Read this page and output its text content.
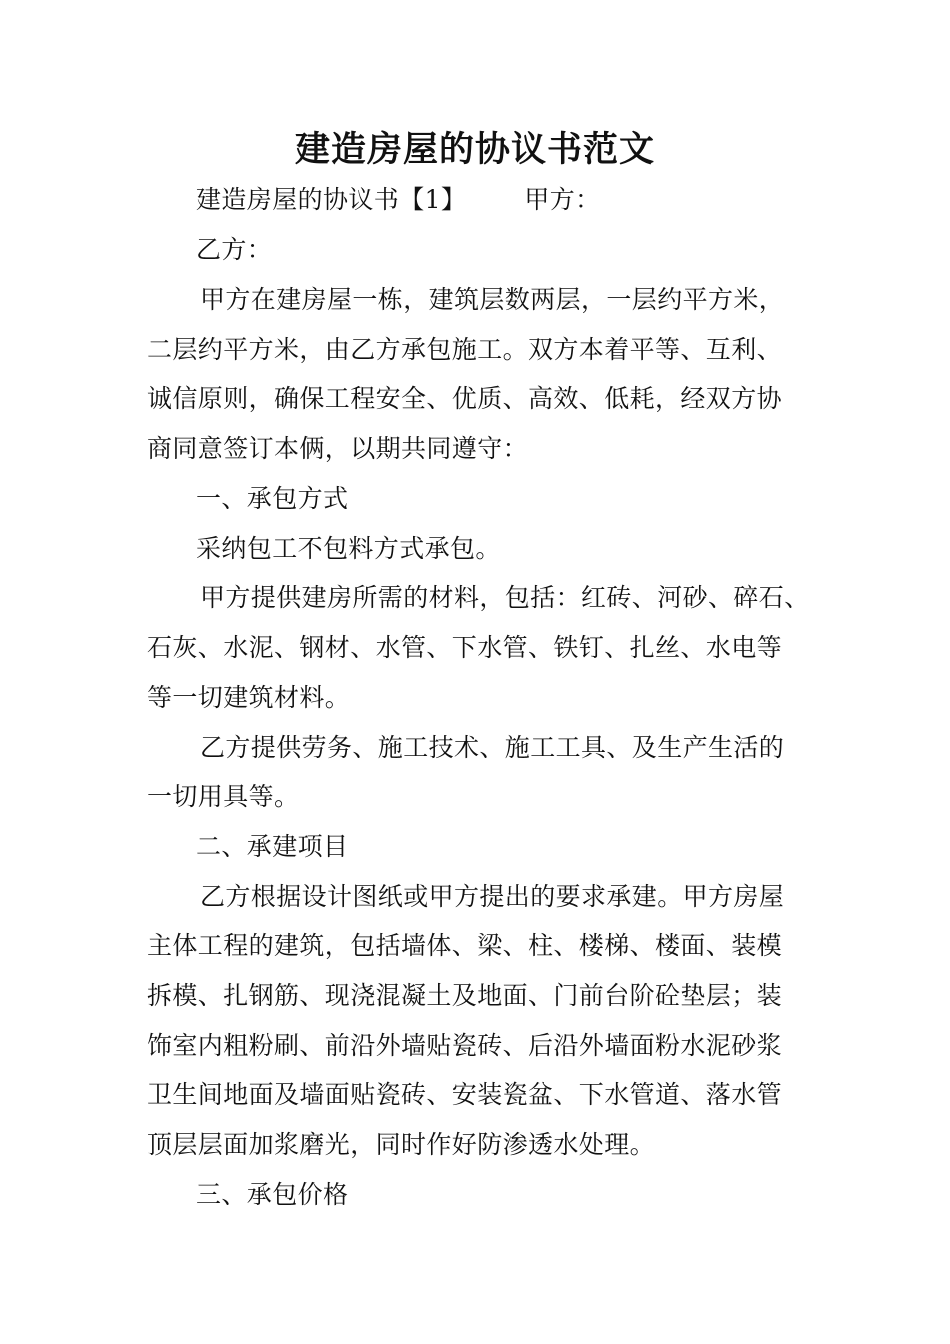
建造房屋的协议书范文

建造房屋的协议书【1】 甲方：

乙方：

甲方在建房屋一栋，建筑层数两层，一层约平方米，

二层约平方米，由乙方承包施工。双方本着平等、互利、

诚信原则，确保工程安全、优质、高效、低耗，经双方协

商同意签订本俩，以期共同遵守：

一、承包方式

采纳包工不包料方式承包。

甲方提供建房所需的材料，包括：红砖、河砂、碎石、

石灰、水泥、钢材、水管、下水管、铁钉、扎丝、水电等

等一切建筑材料。

乙方提供劳务、施工技术、施工工具、及生产生活的

一切用具等。

二、承建项目

乙方根据设计图纸或甲方提出的要求承建。甲方房屋

主体工程的建筑，包括墙体、梁、柱、楼梯、楼面、装模

拆模、扎钢筋、现浇混凝土及地面、门前台阶砼垫层；装

饰室内粗粉刷、前沿外墙贴瓷砖、后沿外墙面粉水泥砂浆

卫生间地面及墙面贴瓷砖、安装瓷盆、下水管道、落水管

顶层层面加浆磨光，同时作好防渗透水处理。

三、承包价格
